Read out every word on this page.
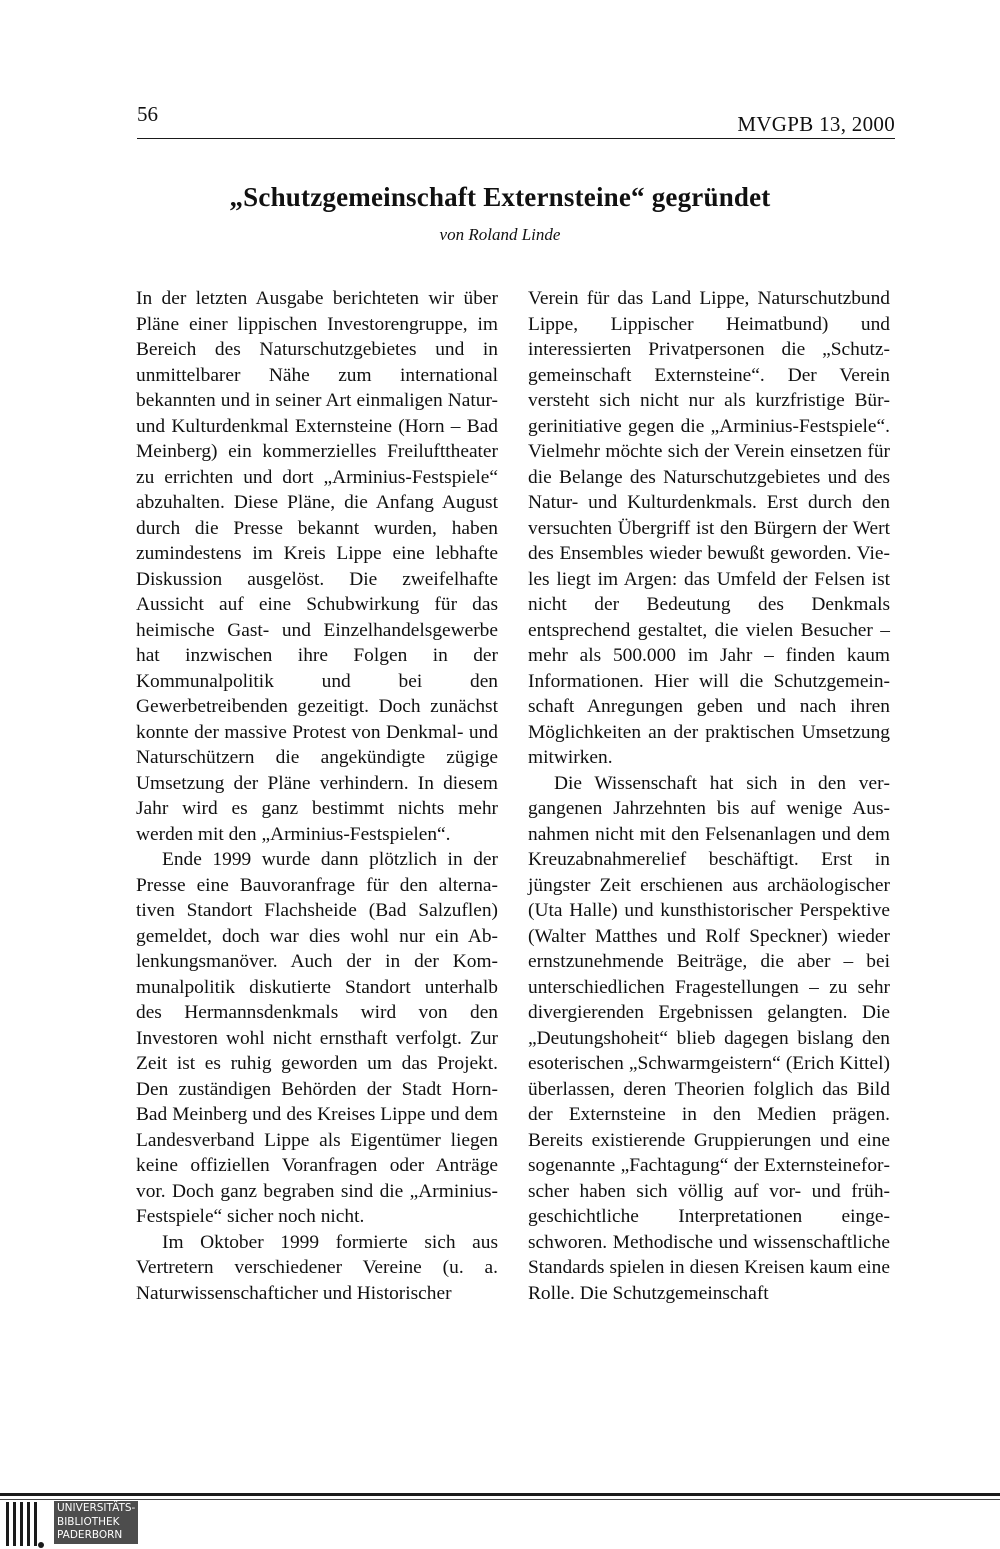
56	MVGPB 13, 2000
„Schutzgemeinschaft Externsteine“ gegründet
von Roland Linde

In der letzten Ausgabe berichteten wir über Pläne einer lippischen Investorengruppe, im Bereich des Naturschutzgebietes und in unmittelbarer Nähe zum international bekannten und in seiner Art einmaligen Natur- und Kulturdenkmal Externsteine (Horn – Bad Meinberg) ein kommerzielles Freilufttheater zu errichten und dort „Arminius-Festspiele“ abzuhalten. Diese Pläne, die Anfang August durch die Presse bekannt wurden, haben zumindestens im Kreis Lippe eine lebhafte Diskussion ausgelöst. Die zweifelhafte Aussicht auf eine Schubwirkung für das heimische Gast- und Einzelhandelsgewerbe hat inzwischen ihre Folgen in der Kommunalpolitik und bei den Gewerbetreibenden gezeitigt. Doch zunächst konnte der massive Protest von Denkmal- und Naturschützern die angekündigte zügige Umsetzung der Pläne verhindern. In diesem Jahr wird es ganz bestimmt nichts mehr werden mit den „Arminius-Festspielen“.

Ende 1999 wurde dann plötzlich in der Presse eine Bauvoranfrage für den alternativen Standort Flachsheide (Bad Salzuflen) gemeldet, doch war dies wohl nur ein Ablenkungsmanöver. Auch der in der Kommunalpolitik diskutierte Standort unterhalb des Hermannsdenkmals wird von den Investoren wohl nicht ernsthaft verfolgt. Zur Zeit ist es ruhig geworden um das Projekt. Den zuständigen Behörden der Stadt Horn-Bad Meinberg und des Kreises Lippe und dem Landesverband Lippe als Eigentümer liegen keine offiziellen Voranfragen oder Anträge vor. Doch ganz begraben sind die „Arminius-Festspiele“ sicher noch nicht.

Im Oktober 1999 formierte sich aus Vertretern verschiedener Vereine (u. a. Naturwissenschafticher und Historischer

Verein für das Land Lippe, Naturschutzbund Lippe, Lippischer Heimatbund) und interessierten Privatpersonen die „Schutzgemeinschaft Externsteine“. Der Verein versteht sich nicht nur als kurzfristige Bürgerinitiative gegen die „Arminius-Festspiele“. Vielmehr möchte sich der Verein einsetzen für die Belange des Naturschutzgebietes und des Natur- und Kulturdenkmals. Erst durch den versuchten Übergriff ist den Bürgern der Wert des Ensembles wieder bewußt geworden. Vieles liegt im Argen: das Umfeld der Felsen ist nicht der Bedeutung des Denkmals entsprechend gestaltet, die vielen Besucher – mehr als 500.000 im Jahr – finden kaum Informationen. Hier will die Schutzgemeinschaft Anregungen geben und nach ihren Möglichkeiten an der praktischen Umsetzung mitwirken.

Die Wissenschaft hat sich in den vergangenen Jahrzehnten bis auf wenige Ausnahmen nicht mit den Felsenanlagen und dem Kreuzabnahmerelief beschäftigt. Erst in jüngster Zeit erschienen aus archäologischer (Uta Halle) und kunsthistorischer Perspektive (Walter Matthes und Rolf Speckner) wieder ernstzunehmende Beiträge, die aber – bei unterschiedlichen Fragestellungen – zu sehr divergierenden Ergebnissen gelangten. Die „Deutungshoheit“ blieb dagegen bislang den esoterischen „Schwarmgeistern“ (Erich Kittel) überlassen, deren Theorien folglich das Bild der Externsteine in den Medien prägen. Bereits existierende Gruppierungen und eine sogenannte „Fachtagung“ der Externsteineforscher haben sich völlig auf vor- und frühgeschichtliche Interpretationen eingeschworen. Methodische und wissenschaftliche Standards spielen in diesen Kreisen kaum eine Rolle. Die Schutzgemeinschaft

UNIVERSITÄTS-
BIBLIOTHEK
PADERBORN
